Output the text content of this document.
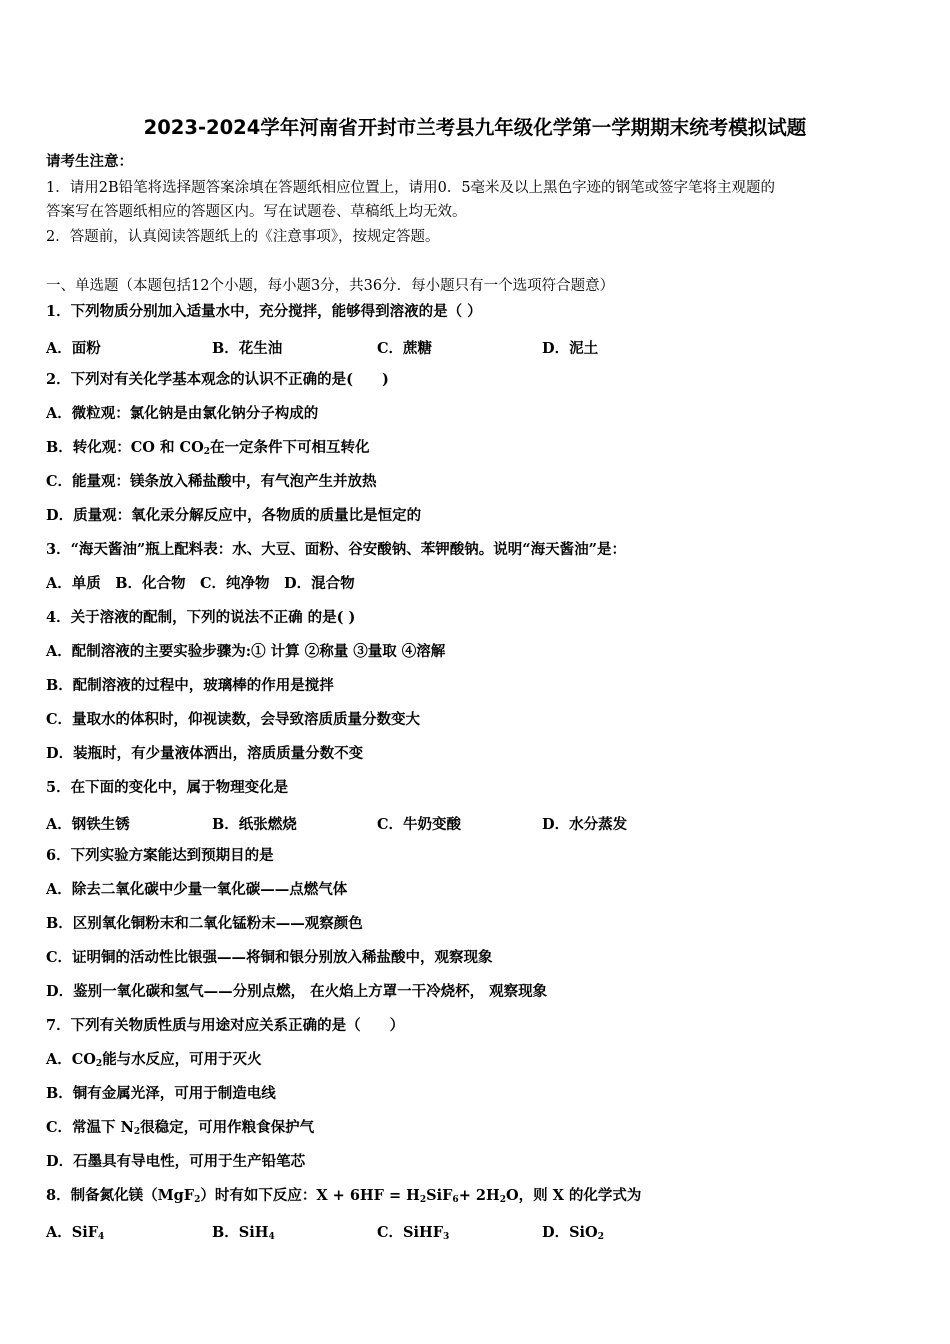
2023-2024学年河南省开封市兰考县九年级化学第一学期期末统考模拟试题
请考生注意：
1．请用2B铅笔将选择题答案涂填在答题纸相应位置上，请用0．5毫米及以上黑色字迹的钢笔或签字笔将主观题的
答案写在答题纸相应的答题区内。写在试题卷、草稿纸上均无效。
2．答题前，认真阅读答题纸上的《注意事项》，按规定答题。
一、单选题（本题包括12个小题，每小题3分，共36分．每小题只有一个选项符合题意）
1．下列物质分别加入适量水中，充分搅拌，能够得到溶液的是（ ）
A．面粉	B．花生油	C．蔗糖	D．泥土
2．下列对有关化学基本观念的认识不正确的是(　　)
A．微粒观：氯化钠是由氯化钠分子构成的
B．转化观：CO 和 $CO_2$在一定条件下可相互转化
C．能量观：镁条放入稀盐酸中，有气泡产生并放热
D．质量观：氧化汞分解反应中，各物质的质量比是恒定的
3．“海天酱油”瓶上配料表：水、大豆、面粉、谷安酸钠、苯钾酸钠。说明“海天酱油”是：
A．单质　B．化合物　C．纯净物　D．混合物
4．关于溶液的配制，下列的说法不正确 的是( )
A．配制溶液的主要实验步骤为:① 计算 ②称量 ③量取 ④溶解
B．配制溶液的过程中，玻璃棒的作用是搅拌
C．量取水的体积时，仰视读数，会导致溶质质量分数变大
D．装瓶时，有少量液体洒出，溶质质量分数不变
5．在下面的变化中，属于物理变化是
A．钢铁生锈	B．纸张燃烧	C．牛奶变酸	D．水分蒸发
6．下列实验方案能达到预期目的是
A．除去二氧化碳中少量一氧化碳——点燃气体
B．区别氧化铜粉末和二氧化锰粉末——观察颜色
C．证明铜的活动性比银强——将铜和银分别放入稀盐酸中，观察现象
D．鉴别一氧化碳和氢气——分别点燃， 在火焰上方罩一干冷烧杯， 观察现象
7．下列有关物质性质与用途对应关系正确的是（　　）
A．$CO_2$能与水反应，可用于灭火
B．铜有金属光泽，可用于制造电线
C．常温下 $N_2$很稳定，可用作粮食保护气
D．石墨具有导电性，可用于生产铅笔芯
8．制备氮化镁（MgF$_2$）时有如下反应：$X + 6HF = H_2SiF_6+ 2H_2O$，则 X 的化学式为
A．SiF$_4$	B．SiH$_4$	C．SiHF$_3$	D．SiO$_2$
